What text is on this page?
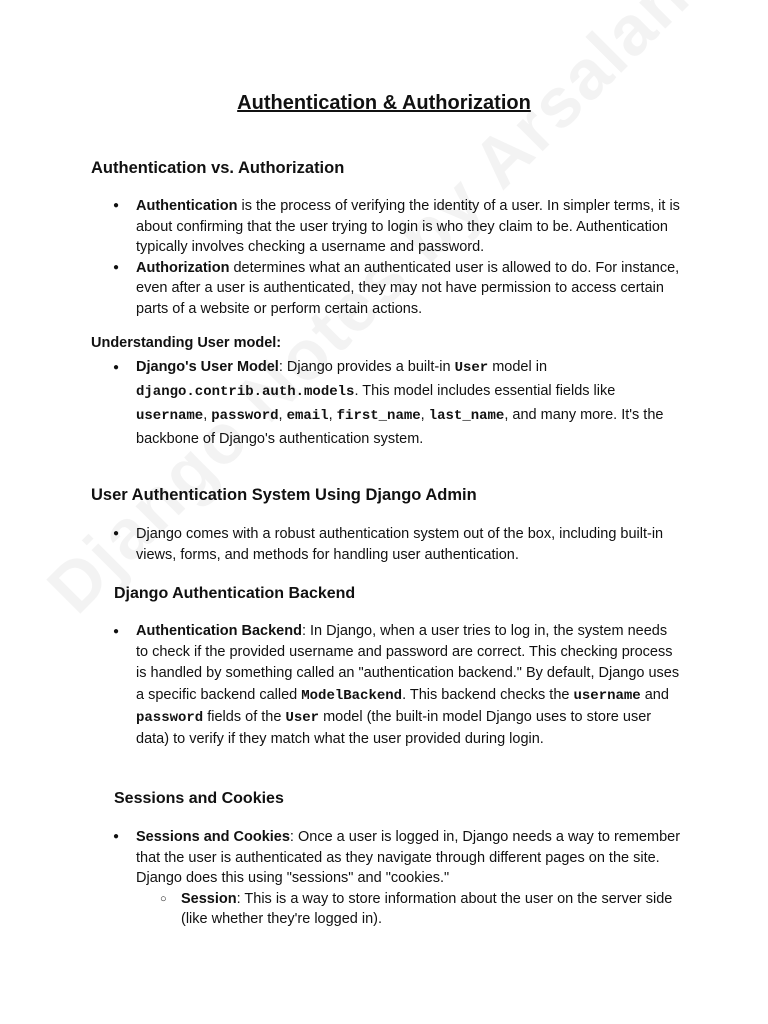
Authentication & Authorization
Authentication vs. Authorization
● Authentication is the process of verifying the identity of a user. In simpler terms, it is about confirming that the user trying to login is who they claim to be. Authentication typically involves checking a username and password.
● Authorization determines what an authenticated user is allowed to do. For instance, even after a user is authenticated, they may not have permission to access certain parts of a website or perform certain actions.
Understanding User model:
● Django's User Model: Django provides a built-in User model in django.contrib.auth.models. This model includes essential fields like username, password, email, first_name, last_name, and many more. It's the backbone of Django's authentication system.
User Authentication System Using Django Admin
● Django comes with a robust authentication system out of the box, including built-in views, forms, and methods for handling user authentication.
Django Authentication Backend
● Authentication Backend: In Django, when a user tries to log in, the system needs to check if the provided username and password are correct. This checking process is handled by something called an "authentication backend." By default, Django uses a specific backend called ModelBackend. This backend checks the username and password fields of the User model (the built-in model Django uses to store user data) to verify if they match what the user provided during login.
Sessions and Cookies
● Sessions and Cookies: Once a user is logged in, Django needs a way to remember that the user is authenticated as they navigate through different pages on the site. Django does this using "sessions" and "cookies."
○ Session: This is a way to store information about the user on the server side (like whether they're logged in).
